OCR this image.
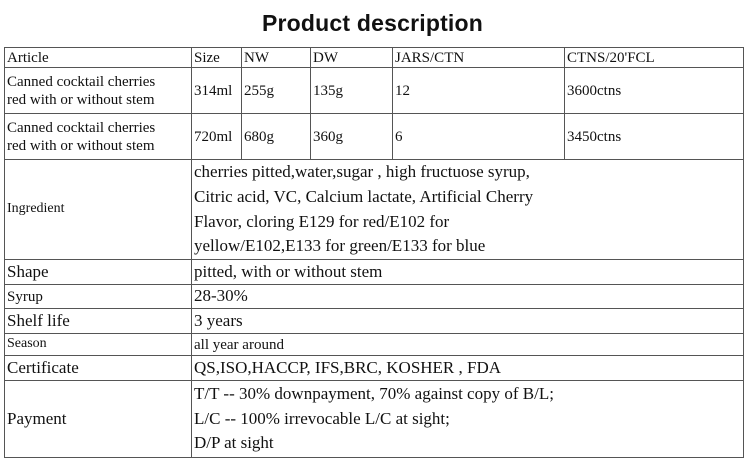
Product description
Article	Size	NW	DW	JARS/CTN	CTNS/20'FCL

Canned cocktail cherries
red with or without stem	314ml	255g	135g	12	3600ctns

Canned cocktail cherries
red with or without stem	720ml	680g	360g	6	3450ctns
Ingredient	cherries pitted,water,sugar , high fructuose syrup,
Citric acid, VC, Calcium lactate, Artificial Cherry
Flavor, cloring E129 for red/E102 for
yellow/E102,E133 for green/E133 for blue				

Shape	pitted, with or without stem				
Syrup	28-30%				
Shelf life	3 years				
Season	all year around				
Certificate	QS,ISO,HACCP, IFS,BRC, KOSHER , FDA				
Payment	T/T -- 30% downpayment, 70% against copy of B/L;
L/C -- 100% irrevocable L/C at sight;
D/P at sight				
